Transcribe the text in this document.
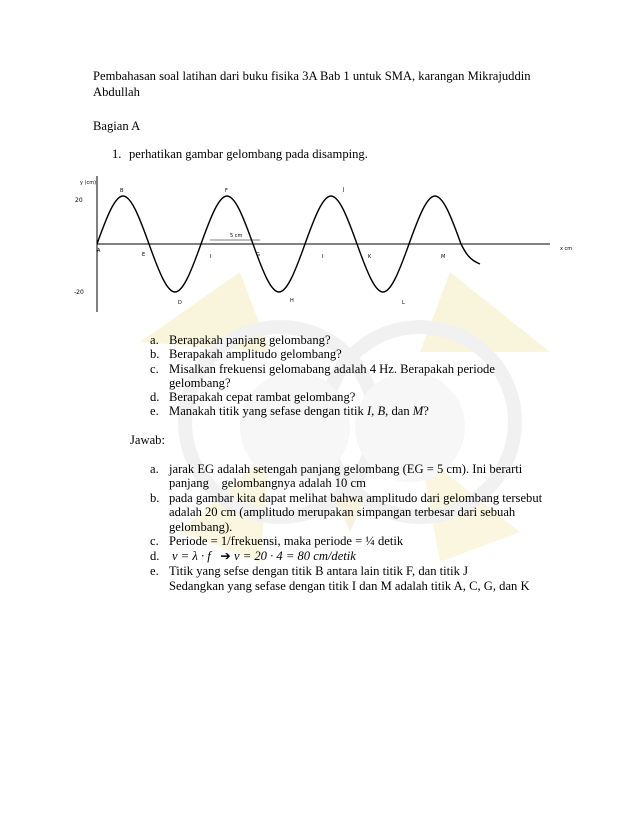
Pembahasan soal latihan dari buku fisika 3A Bab 1 untuk SMA, karangan Mikrajuddin
Abdullah
Bagian A
1. perhatikan gambar gelombang pada disamping.
y (cm)
20
-20
x cm
5 cm
B	F	J
A
E	I	G	I	K	M
D	H	L
a. Berapakah panjang gelombang?
b. Berapakah amplitudo gelombang?
c. Misalkan frekuensi gelomabang adalah 4 Hz. Berapakah periode
gelombang?
d. Berapakah cepat rambat gelombang?
e. Manakah titik yang sefase dengan titik I, B, dan M?
Jawab:
a. jarak EG adalah setengah panjang gelombang (EG = 5 cm). Ini berarti
panjang    gelombangnya adalah 10 cm
b. pada gambar kita dapat melihat bahwa amplitudo dari gelombang tersebut
adalah 20 cm (amplitudo merupakan simpangan terbesar dari sebuah
gelombang).
c. Periode = 1/frekuensi, maka periode = ¼ detik
d. v = λ · f ➔ v = 20 · 4 = 80 cm/detik
e. Titik yang sefse dengan titik B antara lain titik F, dan titik J
Sedangkan yang sefase dengan titik I dan M adalah titik A, C, G, dan K
